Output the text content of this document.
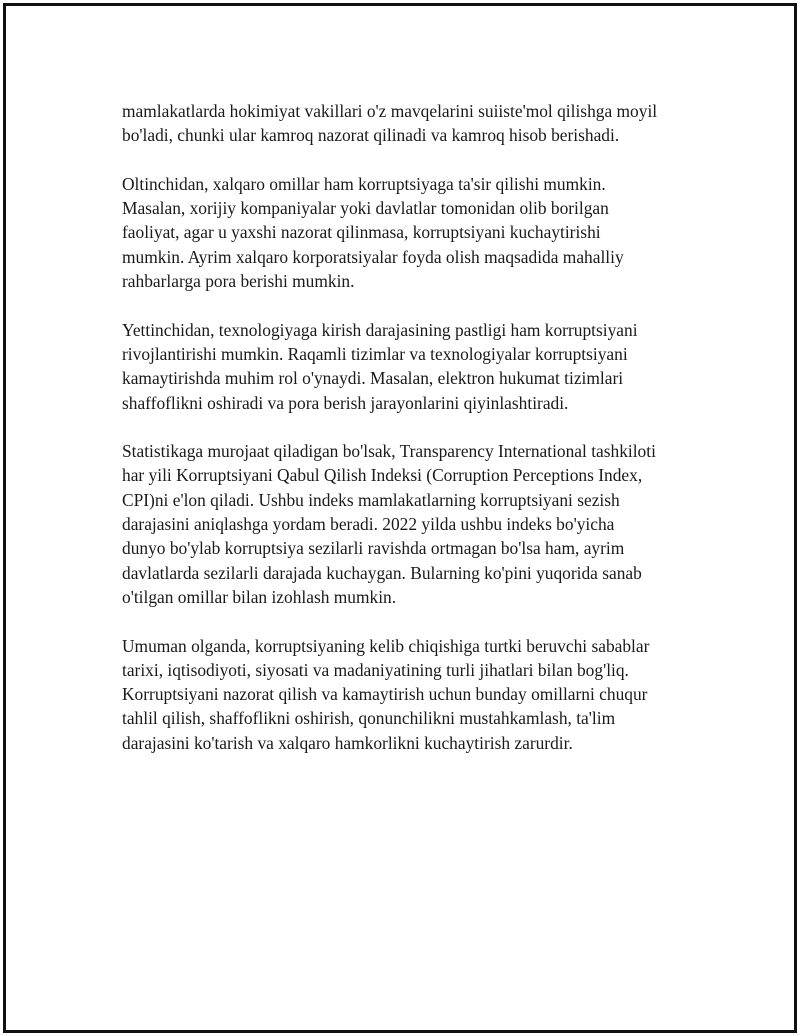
mamlakatlarda hokimiyat vakillari o'z mavqelarini suiiste'mol qilishga moyil
bo'ladi, chunki ular kamroq nazorat qilinadi va kamroq hisob berishadi.

Oltinchidan, xalqaro omillar ham korruptsiyaga ta'sir qilishi mumkin.
Masalan, xorijiy kompaniyalar yoki davlatlar tomonidan olib borilgan
faoliyat, agar u yaxshi nazorat qilinmasa, korruptsiyani kuchaytirishi
mumkin. Ayrim xalqaro korporatsiyalar foyda olish maqsadida mahalliy
rahbarlarga pora berishi mumkin.

Yettinchidan, texnologiyaga kirish darajasining pastligi ham korruptsiyani
rivojlantirishi mumkin. Raqamli tizimlar va texnologiyalar korruptsiyani
kamaytirishda muhim rol o'ynaydi. Masalan, elektron hukumat tizimlari
shaffoflikni oshiradi va pora berish jarayonlarini qiyinlashtiradi.

Statistikaga murojaat qiladigan bo'lsak, Transparency International tashkiloti
har yili Korruptsiyani Qabul Qilish Indeksi (Corruption Perceptions Index,
CPI)ni e'lon qiladi. Ushbu indeks mamlakatlarning korruptsiyani sezish
darajasini aniqlashga yordam beradi. 2022 yilda ushbu indeks bo'yicha
dunyo bo'ylab korruptsiya sezilarli ravishda ortmagan bo'lsa ham, ayrim
davlatlarda sezilarli darajada kuchaygan. Bularning ko'pini yuqorida sanab
o'tilgan omillar bilan izohlash mumkin.

Umuman olganda, korruptsiyaning kelib chiqishiga turtki beruvchi sabablar
tarixi, iqtisodiyoti, siyosati va madaniyatining turli jihatlari bilan bog'liq.
Korruptsiyani nazorat qilish va kamaytirish uchun bunday omillarni chuqur
tahlil qilish, shaffoflikni oshirish, qonunchilikni mustahkamlash, ta'lim
darajasini ko'tarish va xalqaro hamkorlikni kuchaytirish zarurdir.
